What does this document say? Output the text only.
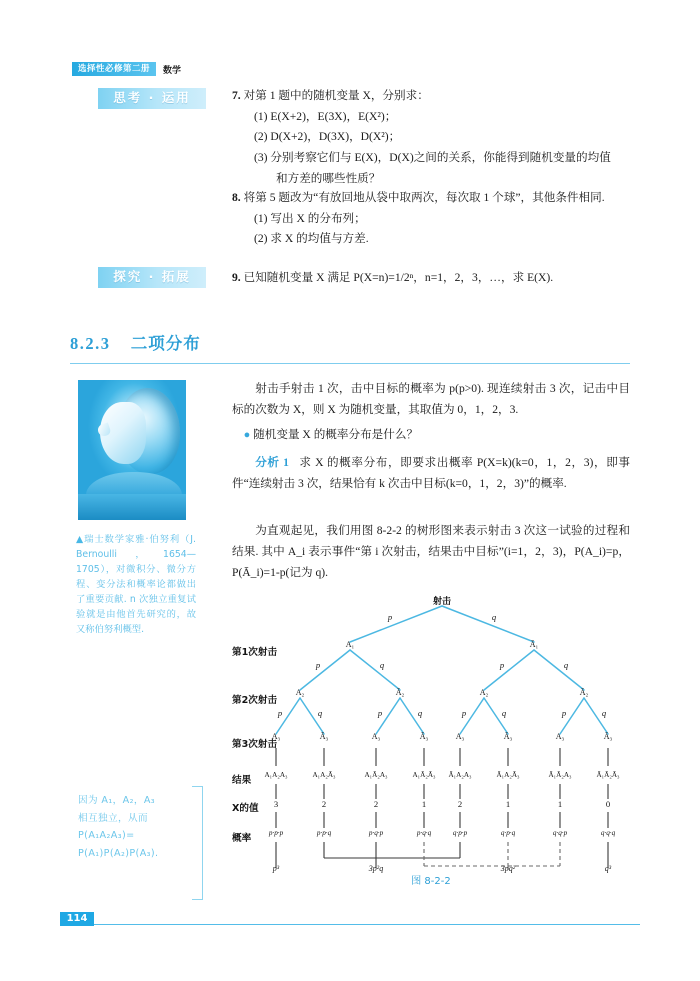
选择性必修第二册	数学
思考 · 运用
探究 · 拓展
▲瑞士数学家雅·伯努利（J. Bernoulli，1654—1705），对微积分、微分方程、变分法和概率论都做出了重要贡献. n 次独立重复试验就是由他首先研究的，故又称伯努利概型.
因为 A₁，A₂，A₃
相互独立，从而
P(A₁A₂A₃)=
P(A₁)P(A₂)P(A₃).
7. 对第 1 题中的随机变量 X，分别求：
(1) E(X+2)，E(3X)，E(X²)；
(2) D(X+2)，D(3X)，D(X²)；
(3) 分别考察它们与 E(X)，D(X)之间的关系，你能得到随机变量的均值
和方差的哪些性质？
8. 将第 5 题改为“有放回地从袋中取两次，每次取 1 个球”，其他条件相同.
(1) 写出 X 的分布列；
(2) 求 X 的均值与方差.
9. 已知随机变量 X 满足 P(X=n)=1/2ⁿ，n=1，2，3，…，求 E(X).
8.2.3 二项分布

射击手射击 1 次，击中目标的概率为 p(p>0). 现连续射击 3 次，记击中目标的次数为 X，则 X 为随机变量，其取值为 0，1，2，3.

● 随机变量 X 的概率分布是什么？

分析 1 求 X 的概率分布，即要求出概率 P(X=k)(k=0，1，2，3)，即事件“连续射击 3 次，结果恰有 k 次击中目标(k=0，1，2，3)”的概率.

为直观起见，我们用图 8-2-2 的树形图来表示射击 3 次这一试验的过程和结果. 其中 A_i 表示事件“第 i 次射击，结果击中目标”(i=1，2，3)，P(A_i)=p，P(Ā_i)=1-p(记为 q).

射击
第1次射击
第2次射击
第3次射击
结果
X的值
概率
p	q
A₁	Ā₁
p	q	p	q
A₂	Ā₂	A₂	Ā₂
p	q	p	q	p	q	p	q
A₃	Ā₃	A₃	Ā₃	A₃	Ā₃	A₃	Ā₃
A₁A₂A₃	A₁A₂Ā₃	A₁Ā₂A₃	A₁Ā₂Ā₃ Ā₁A₂A₃	Ā₁A₂Ā₃	Ā₁Ā₂A₃	Ā₁Ā₂Ā₃
3	2	2	1	2	1	1	0
p·p·p	p·p·q	p·q·p	p·q·q	q·p·p	q·p·q	q·q·p	q·q·q
p³	3p²q	3pq²	q³
图 8-2-2
114
